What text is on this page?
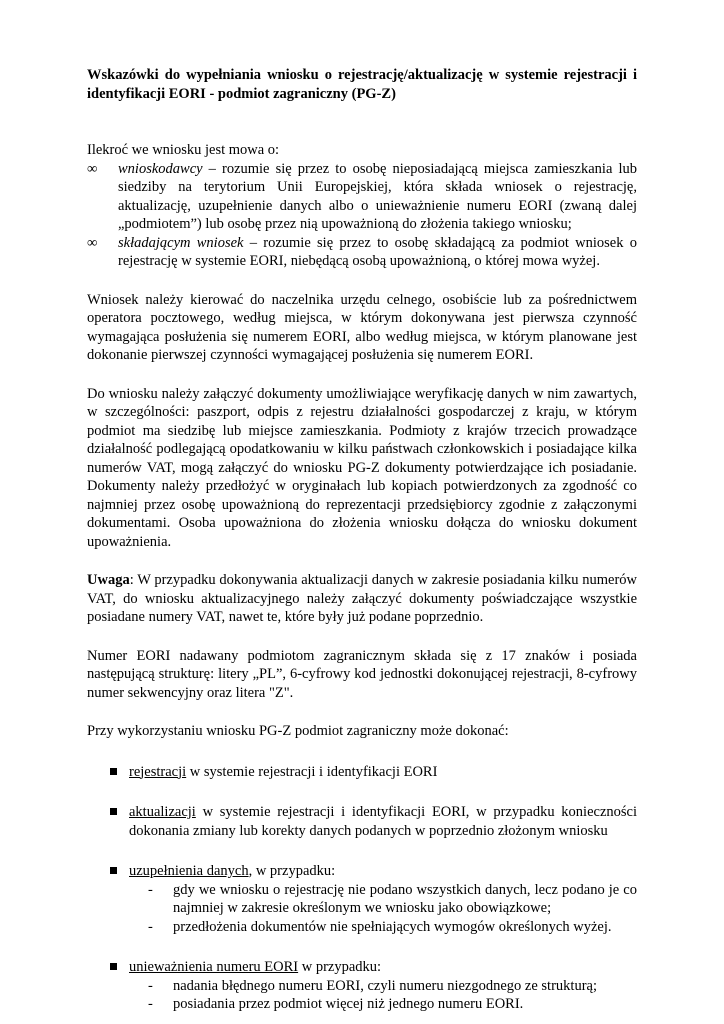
Wskazówki do wypełniania wniosku o rejestrację/aktualizację w systemie rejestracji i identyfikacji EORI - podmiot zagraniczny (PG-Z)

Ilekroć we wniosku jest mowa o:

∞ wnioskodawcy – rozumie się przez to osobę nieposiadającą miejsca zamieszkania lub siedziby na terytorium Unii Europejskiej, która składa wniosek o rejestrację, aktualizację, uzupełnienie danych albo o unieważnienie numeru EORI (zwaną dalej „podmiotem”) lub osobę przez nią upoważnioną do złożenia takiego wniosku;
∞ składającym wniosek – rozumie się przez to osobę składającą za podmiot wniosek o rejestrację w systemie EORI, niebędącą osobą upoważnioną, o której mowa wyżej.

Wniosek należy kierować do naczelnika urzędu celnego, osobiście lub za pośrednictwem operatora pocztowego, według miejsca, w którym dokonywana jest pierwsza czynność wymagająca posłużenia się numerem EORI, albo według miejsca, w którym planowane jest dokonanie pierwszej czynności wymagającej posłużenia się numerem EORI.

Do wniosku należy załączyć dokumenty umożliwiające weryfikację danych w nim zawartych, w szczególności: paszport, odpis z rejestru działalności gospodarczej z kraju, w którym podmiot ma siedzibę lub miejsce zamieszkania. Podmioty z krajów trzecich prowadzące działalność podlegającą opodatkowaniu w kilku państwach członkowskich i posiadające kilka numerów VAT, mogą załączyć do wniosku PG-Z dokumenty potwierdzające ich posiadanie. Dokumenty należy przedłożyć w oryginałach lub kopiach potwierdzonych za zgodność co najmniej przez osobę upoważnioną do reprezentacji przedsiębiorcy zgodnie z załączonymi dokumentami. Osoba upoważniona do złożenia wniosku dołącza do wniosku dokument upoważnienia.

Uwaga: W przypadku dokonywania aktualizacji danych w zakresie posiadania kilku numerów VAT, do wniosku aktualizacyjnego należy załączyć dokumenty poświadczające wszystkie posiadane numery VAT, nawet te, które były już podane poprzednio.

Numer EORI nadawany podmiotom zagranicznym składa się z 17 znaków i posiada następującą strukturę: litery „PL”, 6-cyfrowy kod jednostki dokonującej rejestracji, 8-cyfrowy numer sekwencyjny oraz litera "Z".

Przy wykorzystaniu wniosku PG-Z podmiot zagraniczny może dokonać:

rejestracji w systemie rejestracji i identyfikacji EORI

aktualizacji w systemie rejestracji i identyfikacji EORI, w przypadku konieczności dokonania zmiany lub korekty danych podanych w poprzednio złożonym wniosku

uzupełnienia danych, w przypadku:
- gdy we wniosku o rejestrację nie podano wszystkich danych, lecz podano je co najmniej w zakresie określonym we wniosku jako obowiązkowe;
- przedłożenia dokumentów nie spełniających wymogów określonych wyżej.
unieważnienia numeru EORI w przypadku:
- nadania błędnego numeru EORI, czyli numeru niezgodnego ze strukturą;
- posiadania przez podmiot więcej niż jednego numeru EORI.
